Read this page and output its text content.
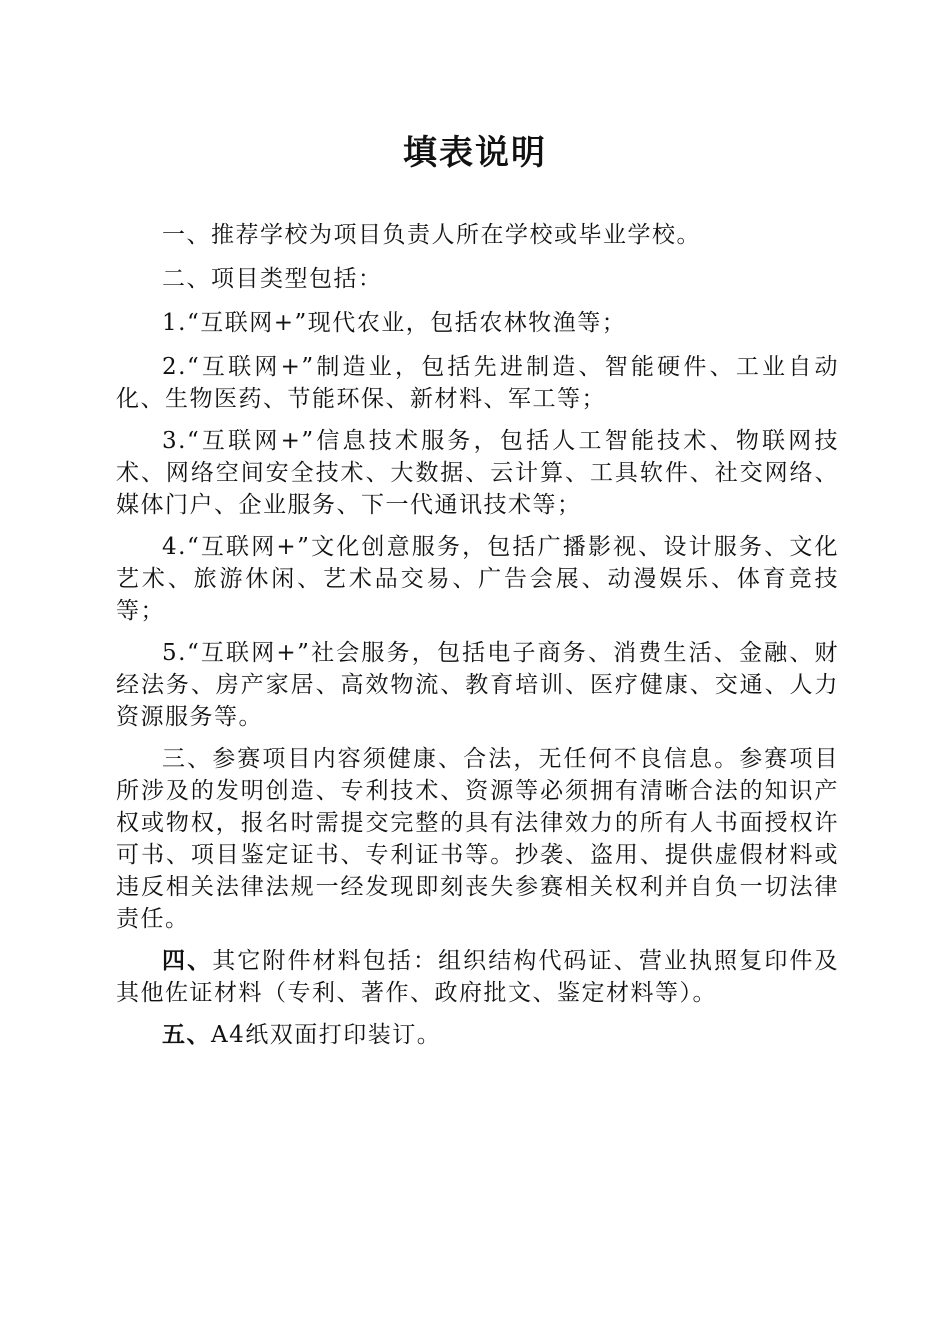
填表说明

一、推荐学校为项目负责人所在学校或毕业学校。

二、项目类型包括：

1.“互联网+”现代农业，包括农林牧渔等；

2.“互联网+”制造业，包括先进制造、智能硬件、工业自动化、生物医药、节能环保、新材料、军工等；

3.“互联网+”信息技术服务，包括人工智能技术、物联网技术、网络空间安全技术、大数据、云计算、工具软件、社交网络、媒体门户、企业服务、下一代通讯技术等；

4.“互联网+”文化创意服务，包括广播影视、设计服务、文化艺术、旅游休闲、艺术品交易、广告会展、动漫娱乐、体育竞技等；

5.“互联网+”社会服务，包括电子商务、消费生活、金融、财经法务、房产家居、高效物流、教育培训、医疗健康、交通、人力资源服务等。

三、参赛项目内容须健康、合法，无任何不良信息。参赛项目所涉及的发明创造、专利技术、资源等必须拥有清晰合法的知识产权或物权，报名时需提交完整的具有法律效力的所有人书面授权许可书、项目鉴定证书、专利证书等。抄袭、盗用、提供虚假材料或违反相关法律法规一经发现即刻丧失参赛相关权利并自负一切法律责任。

四、其它附件材料包括：组织结构代码证、营业执照复印件及其他佐证材料（专利、著作、政府批文、鉴定材料等）。

五、A4纸双面打印装订。
